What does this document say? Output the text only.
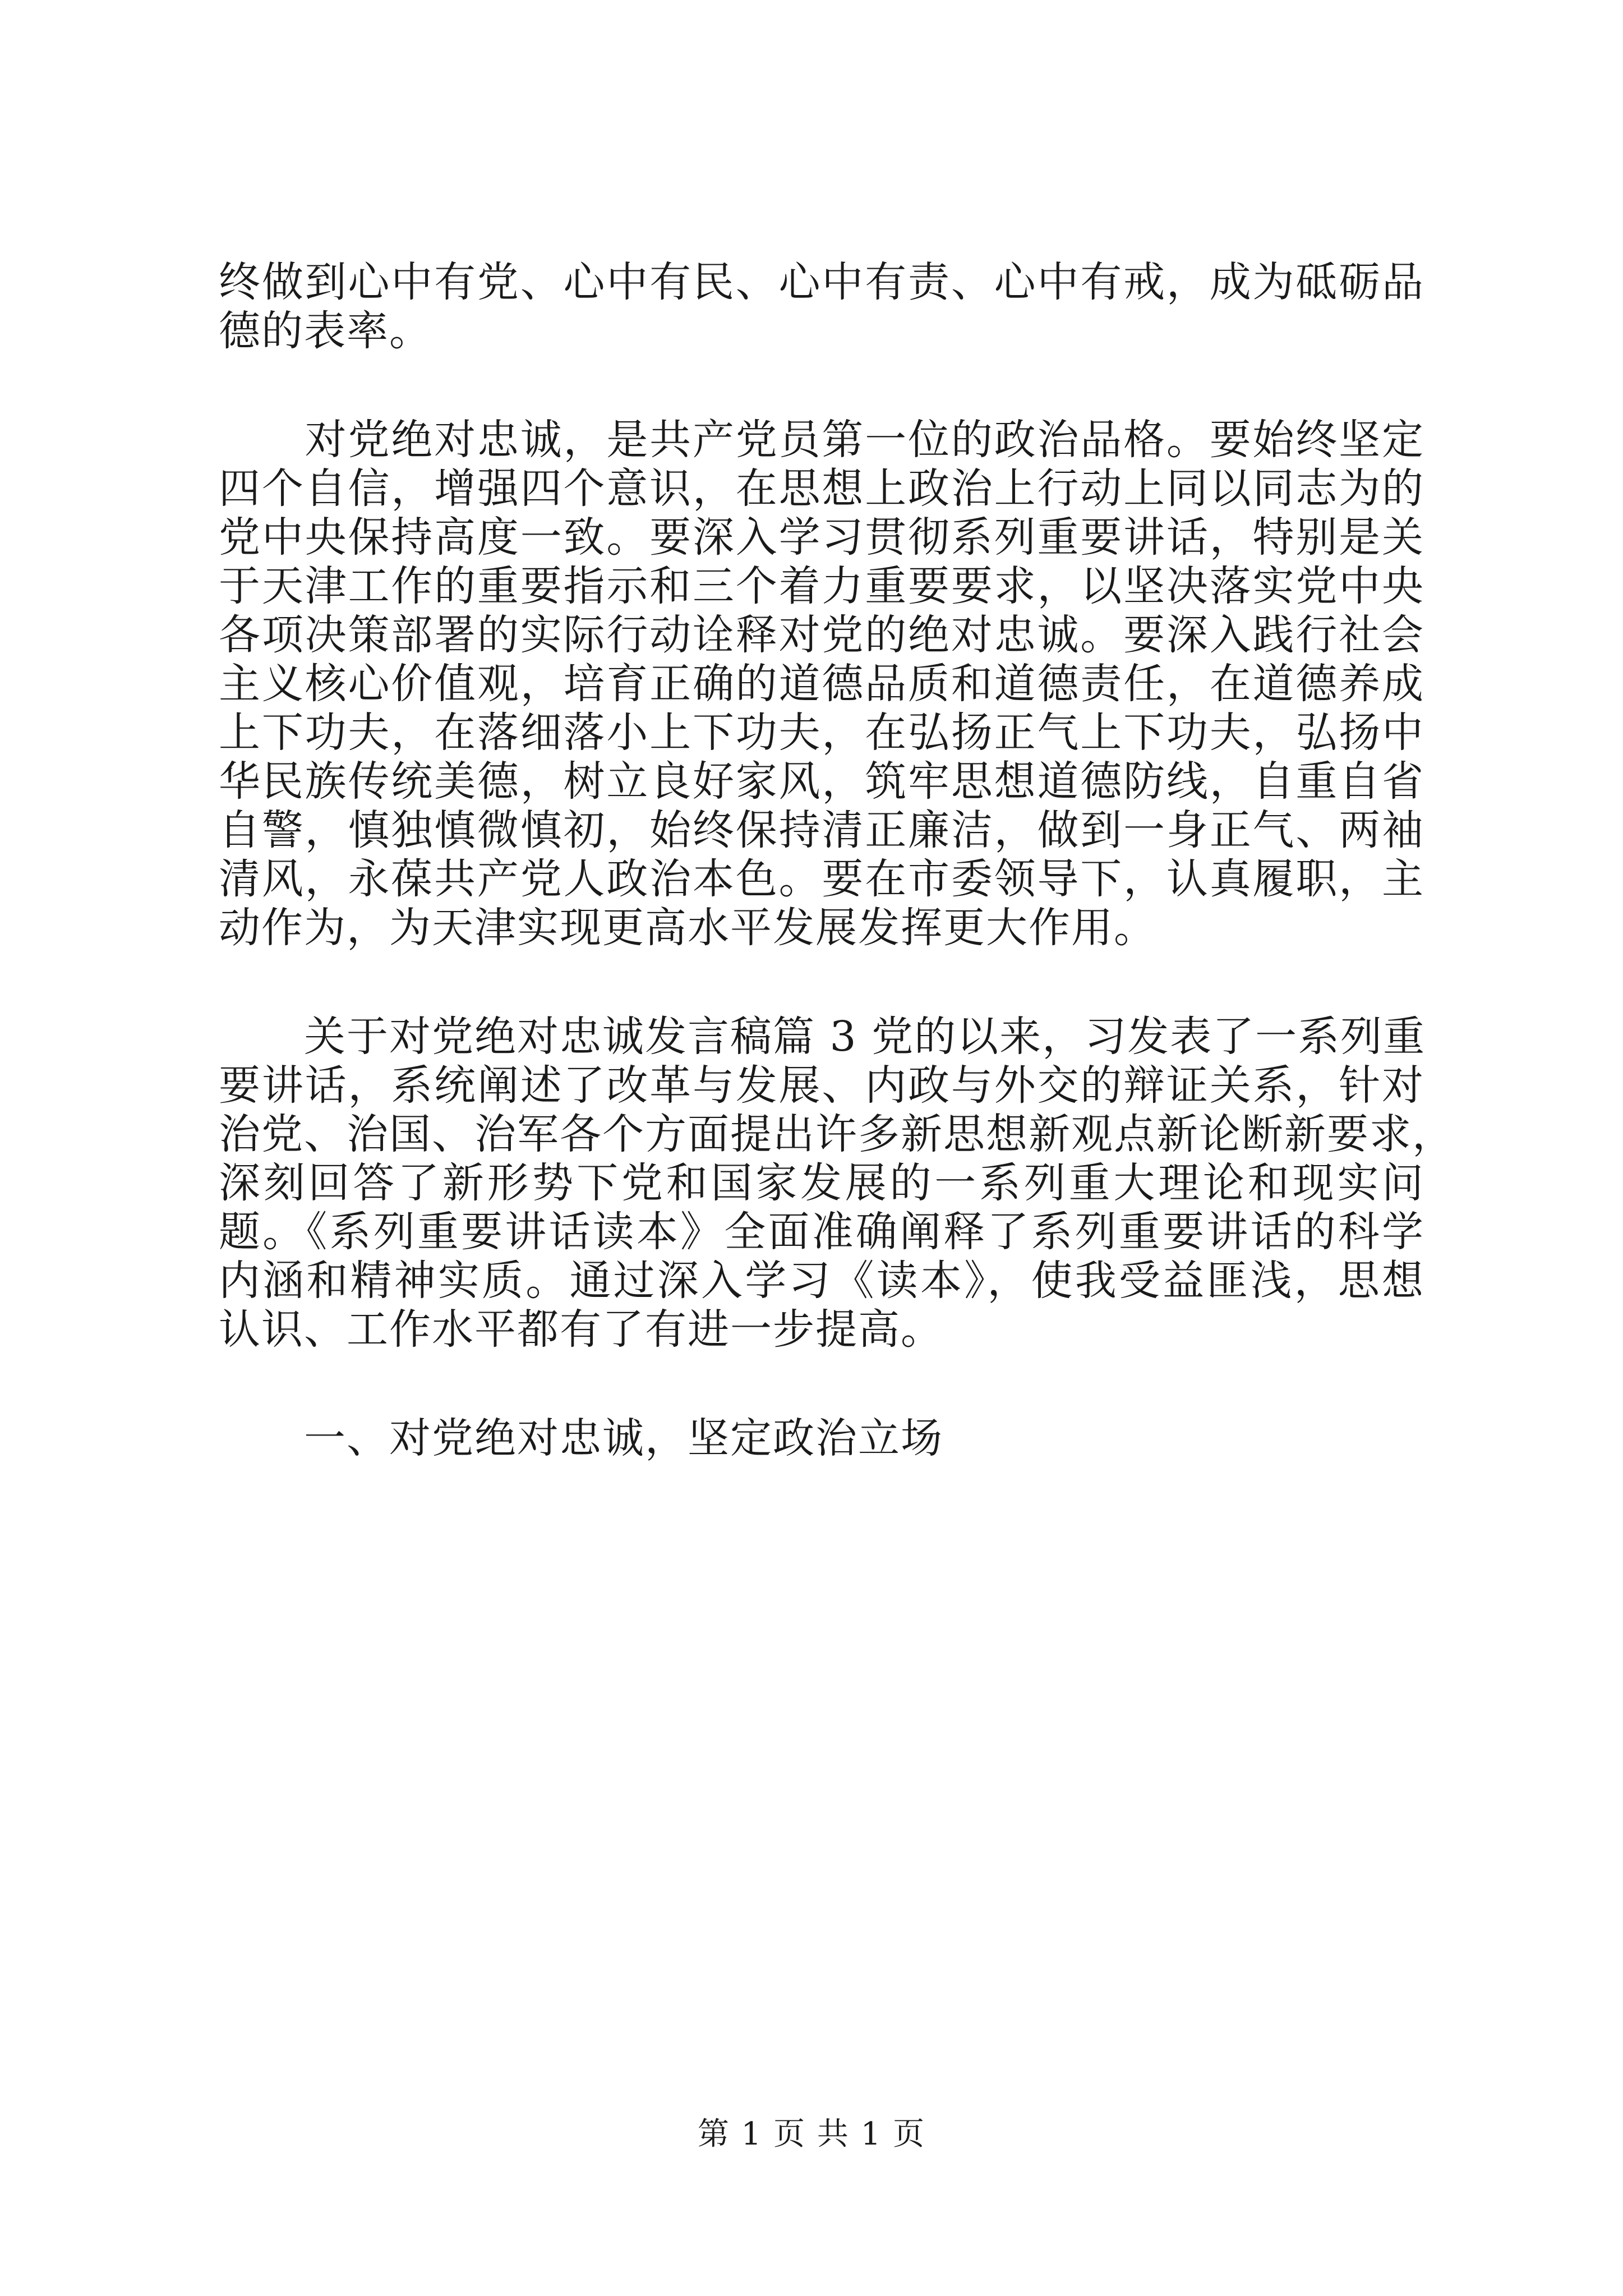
终做到心中有党、心中有民、心中有责、心中有戒，成为砥砺品
德的表率。
　　对党绝对忠诚，是共产党员第一位的政治品格。要始终坚定
四个自信，增强四个意识，在思想上政治上行动上同以同志为的
党中央保持高度一致。要深入学习贯彻系列重要讲话，特别是关
于天津工作的重要指示和三个着力重要要求，以坚决落实党中央
各项决策部署的实际行动诠释对党的绝对忠诚。要深入践行社会
主义核心价值观，培育正确的道德品质和道德责任，在道德养成
上下功夫，在落细落小上下功夫，在弘扬正气上下功夫，弘扬中
华民族传统美德，树立良好家风，筑牢思想道德防线，自重自省
自警，慎独慎微慎初，始终保持清正廉洁，做到一身正气、两袖
清风，永葆共产党人政治本色。要在市委领导下，认真履职，主
动作为，为天津实现更高水平发展发挥更大作用。
　　关于对党绝对忠诚发言稿篇 3 党的以来，习发表了一系列重
要讲话，系统阐述了改革与发展、内政与外交的辩证关系，针对
治党、治国、治军各个方面提出许多新思想新观点新论断新要求，
深刻回答了新形势下党和国家发展的一系列重大理论和现实问
题。《系列重要讲话读本》全面准确阐释了系列重要讲话的科学
内涵和精神实质。通过深入学习《读本》，使我受益匪浅，思想
认识、工作水平都有了有进一步提高。
　　一、对党绝对忠诚，坚定政治立场
第 1 页 共 1 页
